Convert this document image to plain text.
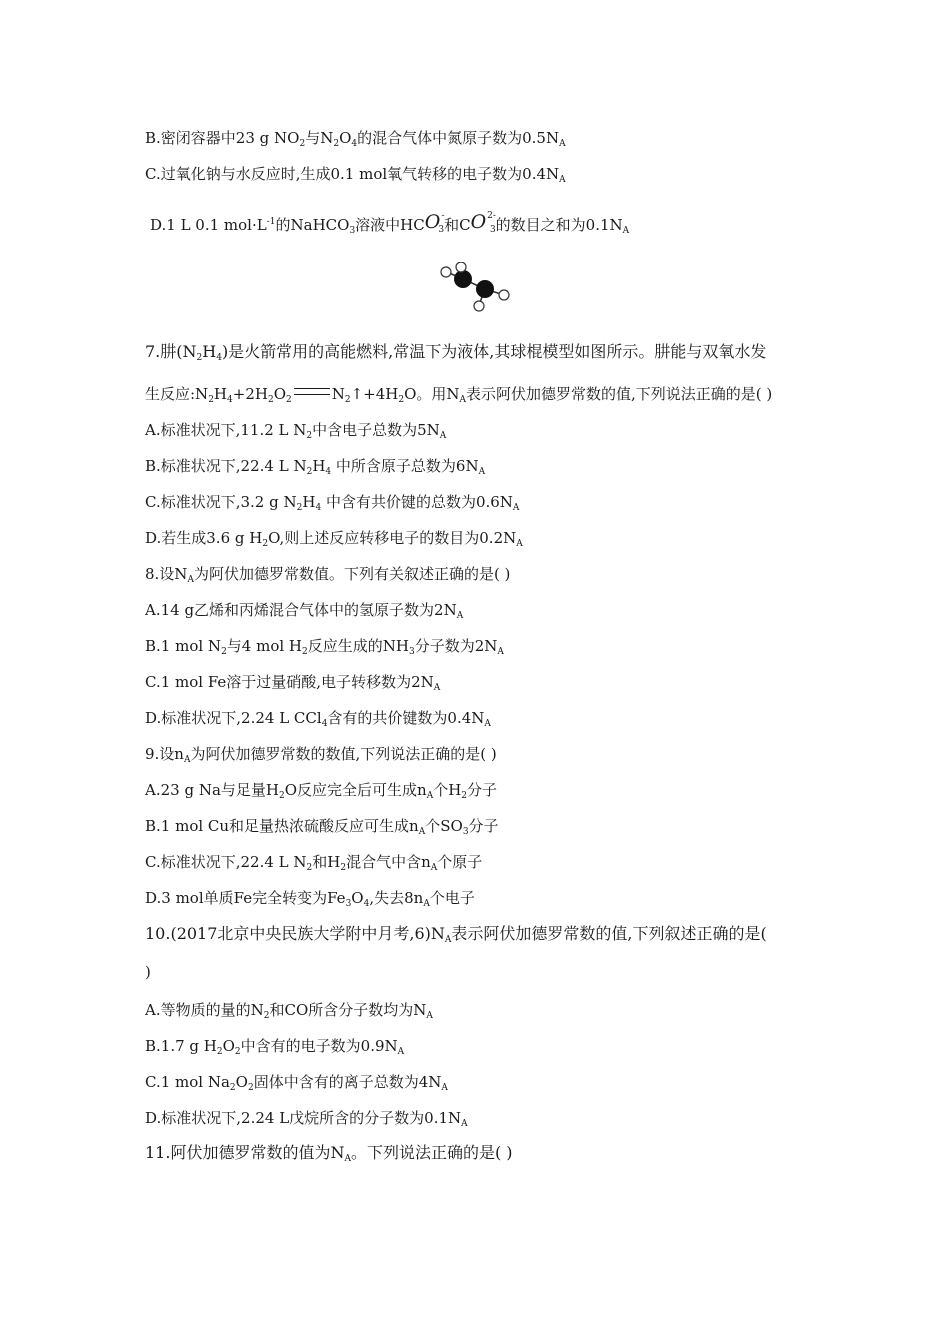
B.密闭容器中23 g $NO_2$与$N_2O_4$的混合气体中氮原子数为$0.5N_A$
C.过氧化钠与水反应时,生成0.1 mol氧气转移的电子数为$0.4N_A$
D.1 L 0.1 $mol\cdot L^{-1}$的NaHCO$_3$溶液中HCO-3和$CO^{2-}3$的数目之和为$0.1N_A$
7.肼$(N_2H_4)$是火箭常用的高能燃料,常温下为液体,其球棍模型如图所示。肼能与双氧水发
生反应$:N_2H_4+2H_2O_2$	$N_2↑+4H_2O$。用$N_A$表示阿伏加德罗常数的值,下列说法正确的是( )
A.标准状况下,11.2 L $N_2$中含电子总数为$5N_A$
B.标准状况下,22.4 L $N_2H_4$ 中所含原子总数为$6N_A$
C.标准状况下,3.2 g $N_2H_4$ 中含有共价键的总数为$0.6N_A$
D.若生成3.6 g $H_2O$,则上述反应转移电子的数目为$0.2N_A$
8.设$N_A$为阿伏加德罗常数值。下列有关叙述正确的是( )
A.14 g乙烯和丙烯混合气体中的氢原子数为$2N_A$
B.1 mol $N_2$与4 mol $H_2$反应生成的$NH_3$分子数为$2N_A$
C.1 mol Fe溶于过量硝酸,电子转移数为$2N_A$
D.标准状况下,2.24 L CCl$_4$含有的共价键数为$0.4N_A$
9.设$n_A$为阿伏加德罗常数的数值,下列说法正确的是( )
A.23 g Na与足量$H_2O$反应完全后可生成$n_A$个$H_2$分子
B.1 mol Cu和足量热浓硫酸反应可生成$n_A$个$SO_3$分子
C.标准状况下,22.4 L $N_2$和$H_2$混合气中含$n_A$个原子
D.3 mol单质Fe完全转变为$Fe_3O_4$,失去$8n_A$个电子
10.(2017北京中央民族大学附中月考$,6)N_A$表示阿伏加德罗常数的值,下列叙述正确的是(
)
A.等物质的量的$N_2$和CO所含分子数均为$N_A$
B.1.7 g $H_2O_2$中含有的电子数为$0.9N_A$
C.1 mol $Na_2O_2$固体中含有的离子总数为$4N_A$
D.标准状况下,2.24 L戊烷所含的分子数为$0.1N_A$
11.阿伏加德罗常数的值为$N_A$。下列说法正确的是( )
